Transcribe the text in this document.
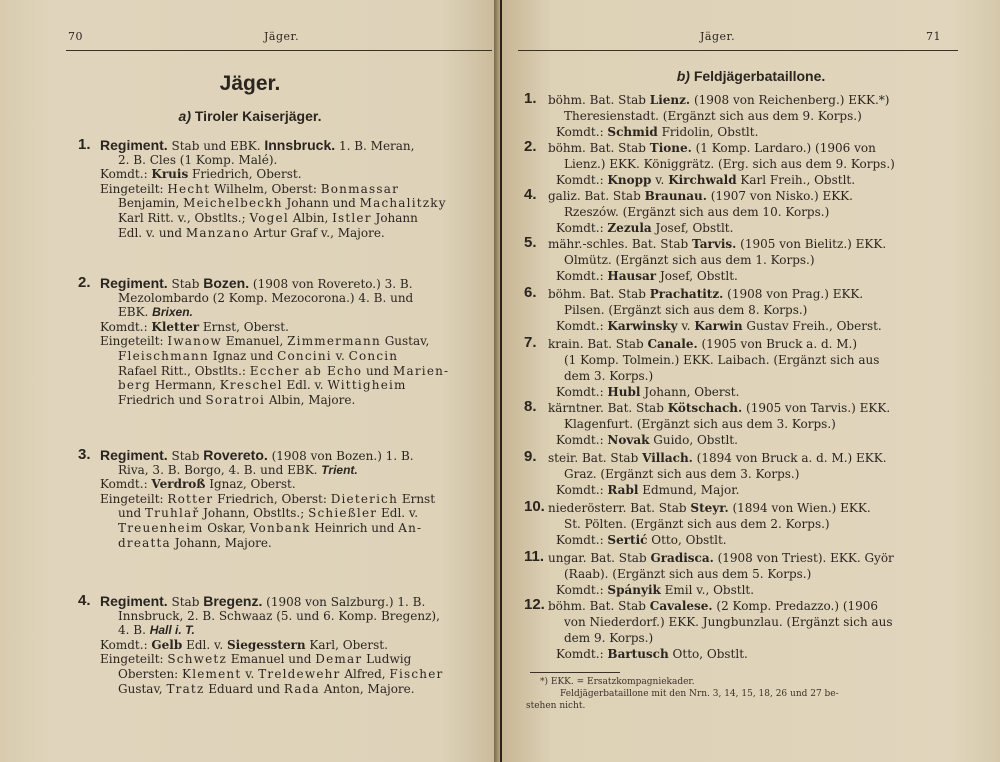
70	Jäger.
Jäger.
a) Tiroler Kaiserjäger.
1. Regiment. Stab und EBK. Innsbruck. 1. B. Meran,
2. B. Cles (1 Komp. Malé).
Komdt.: Kruis Friedrich, Oberst.
Eingeteilt: Hecht Wilhelm, Oberst: Bonmassar
Benjamin, Meichelbeckh Johann und Machalitzky
Karl Ritt. v., Obstlts.; Vogel Albin, Istler Johann
Edl. v. und Manzano Artur Graf v., Majore.
2. Regiment. Stab Bozen. (1908 von Rovereto.) 3. B.
Mezolombardo (2 Komp. Mezocorona.) 4. B. und
EBK. Brixen.
Komdt.: Kletter Ernst, Oberst.
Eingeteilt: Iwanow Emanuel, Zimmermann Gustav,
Fleischmann Ignaz und Concini v. Concin
Rafael Ritt., Obstlts.: Eccher ab Echo und Marien-
berg Hermann, Kreschel Edl. v. Wittigheim
Friedrich und Soratroi Albin, Majore.
3. Regiment. Stab Rovereto. (1908 von Bozen.) 1. B.
Riva, 3. B. Borgo, 4. B. und EBK. Trient.
Komdt.: Verdroß Ignaz, Oberst.
Eingeteilt: Rotter Friedrich, Oberst: Dieterich Ernst
und Truhlař Johann, Obstlts.; Schießler Edl. v.
Treuenheim Oskar, Vonbank Heinrich und An-
dreatta Johann, Majore.
4. Regiment. Stab Bregenz. (1908 von Salzburg.) 1. B.
Innsbruck, 2. B. Schwaaz (5. und 6. Komp. Bregenz),
4. B. Hall i. T.
Komdt.: Gelb Edl. v. Siegesstern Karl, Oberst.
Eingeteilt: Schwetz Emanuel und Demar Ludwig
Obersten: Klement v. Treldewehr Alfred, Fischer
Gustav, Tratz Eduard und Rada Anton, Majore.
Jäger.	71
b) Feldjägerbataillone.
1. böhm. Bat. Stab Lienz. (1908 von Reichenberg.) EKK.*)
Theresienstadt. (Ergänzt sich aus dem 9. Korps.)
Komdt.: Schmid Fridolin, Obstlt.
2. böhm. Bat. Stab Tione. (1 Komp. Lardaro.) (1906 von
Lienz.) EKK. Königgrätz. (Erg. sich aus dem 9. Korps.)
Komdt.: Knopp v. Kirchwald Karl Freih., Obstlt.
4. galiz. Bat. Stab Braunau. (1907 von Nisko.) EKK.
Rzeszów. (Ergänzt sich aus dem 10. Korps.)
Komdt.: Zezula Josef, Obstlt.
5. mähr.-schles. Bat. Stab Tarvis. (1905 von Bielitz.) EKK.
Olmütz. (Ergänzt sich aus dem 1. Korps.)
Komdt.: Hausar Josef, Obstlt.
6. böhm. Bat. Stab Prachatitz. (1908 von Prag.) EKK.
Pilsen. (Ergänzt sich aus dem 8. Korps.)
Komdt.: Karwinsky v. Karwin Gustav Freih., Oberst.
7. krain. Bat. Stab Canale. (1905 von Bruck a. d. M.)
(1 Komp. Tolmein.) EKK. Laibach. (Ergänzt sich aus
dem 3. Korps.)
Komdt.: Hubl Johann, Oberst.
8. kärntner. Bat. Stab Kötschach. (1905 von Tarvis.) EKK.
Klagenfurt. (Ergänzt sich aus dem 3. Korps.)
Komdt.: Novak Guido, Obstlt.
9. steir. Bat. Stab Villach. (1894 von Bruck a. d. M.) EKK.
Graz. (Ergänzt sich aus dem 3. Korps.)
Komdt.: Rabl Edmund, Major.
10. niederösterr. Bat. Stab Steyr. (1894 von Wien.) EKK.
St. Pölten. (Ergänzt sich aus dem 2. Korps.)
Komdt.: Sertić Otto, Obstlt.
11. ungar. Bat. Stab Gradisca. (1908 von Triest). EKK. Györ
(Raab). (Ergänzt sich aus dem 5. Korps.)
Komdt.: Spányik Emil v., Obstlt.
12. böhm. Bat. Stab Cavalese. (2 Komp. Predazzo.) (1906
von Niederdorf.) EKK. Jungbunzlau. (Ergänzt sich aus
dem 9. Korps.)
Komdt.: Bartusch Otto, Obstlt.
*) EKK. = Ersatzkompagniekader.
Feldjägerbataillone mit den Nrn. 3, 14, 15, 18, 26 und 27 be-
stehen nicht.
